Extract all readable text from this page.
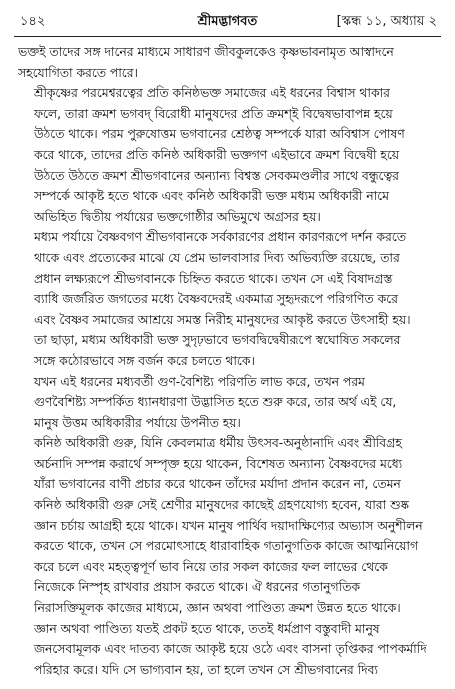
১৪২	শ্রীমদ্ভাগবত	[স্কন্ধ ১১, অধ্যায় ২
ভক্তই তাদের সঙ্গ দানের মাধ্যমে সাধারণ জীবকুলকেও কৃষ্ণভাবনামৃত আস্বাদনে
সহযোগিতা করতে পারে।
শ্রীকৃষ্ণের পরমেশ্বরত্বের প্রতি কনিষ্ঠভক্ত সমাজের এই ধরনের বিশ্বাস থাকার
ফলে, তারা ক্রমশ ভগবদ্ বিরোধী মানুষদের প্রতি ক্রমশ্ই বিদ্বেষভাবাপন্ন হয়ে
উঠতে থাকে। পরম পুরুষোত্তম ভগবানের শ্রেষ্ঠত্ব সম্পর্কে যারা অবিশ্বাস পোষণ
করে থাকে, তাদের প্রতি কনিষ্ঠ অধিকারী ভক্তগণ এইভাবে ক্রমশ বিদ্বেষী হয়ে
উঠতে উঠতে ক্রমশ শ্রীভগবানের অন্যান্য বিশ্বস্ত সেবকমণ্ডলীর সাথে বন্ধুত্বের
সম্পর্কে আকৃষ্ট হতে থাকে এবং কনিষ্ঠ অধিকারী ভক্ত মধ্যম অধিকারী নামে
অভিহিত দ্বিতীয় পর্যায়ের ভক্তগোষ্ঠীর অভিমুখে অগ্রসর হয়।
মধ্যম পর্যায়ে বৈষ্ণবগণ শ্রীভগবানকে সর্বকারণের প্রধান কারণরূপে দর্শন করতে
থাকে এবং প্রত্যেকের মাঝে যে প্রেম ভালবাসার দিব্য অভিব্যক্তি রয়েছে, তার
প্রধান লক্ষ্যরূপে শ্রীভগবানকে চিহ্নিত করতে থাকে। তখন সে এই বিষাদগ্রস্ত
ব্যাধি জর্জরিত জগতের মধ্যে বৈষ্ণবদেরই একমাত্র সুহৃদরূপে পরিগণিত করে
এবং বৈষ্ণব সমাজের আশ্রয়ে সমস্ত নিরীহ মানুষদের আকৃষ্ট করতে উৎসাহী হয়।
তা ছাড়া, মধ্যম অধিকারী ভক্ত সুদৃঢ়ভাবে ভগবদ্বিদ্বেষীরূপে স্বঘোষিত সকলের
সঙ্গে কঠোরভাবে সঙ্গ বর্জন করে চলতে থাকে।
যখন এই ধরনের মধ্যবর্তী গুণ-বৈশিষ্ট্য পরিণতি লাভ করে, তখন পরম
গুণবৈশিষ্ট্য সম্পর্কিত ধ্যানধারণা উদ্ভাসিত হতে শুরু করে, তার অর্থ এই যে,
মানুষ উত্তম অধিকারীর পর্যায়ে উপনীত হয়।
কনিষ্ঠ অধিকারী গুরু, যিনি কেবলমাত্র ধর্মীয় উৎসব-অনুষ্ঠানাদি এবং শ্রীবিগ্রহ
অর্চনাদি সম্পন্ন করার্থে সম্পৃক্ত হয়ে থাকেন, বিশেষত অন্যান্য বৈষ্ণবদের মধ্যে
যাঁরা ভগবানের বাণী প্রচার করে থাকেন তাঁদের মর্যাদা প্রদান করেন না, তেমন
কনিষ্ঠ অধিকারী গুরু সেই শ্রেণীর মানুষদের কাছেই গ্রহণযোগ্য হবেন, যারা শুষ্ক
জ্ঞান চর্চায় আগ্রহী হয়ে থাকে। যখন মানুষ পার্থিব দয়াদাক্ষিণ্যের অভ্যাস অনুশীলন
করতে থাকে, তখন সে পরমোৎসাহে ধারাবাহিক গতানুগতিক কাজে আত্মনিয়োগ
করে চলে এবং মহত্ত্বপূর্ণ ভাব নিয়ে তার সকল কাজের ফল লাভের থেকে
নিজেকে নিস্পৃহ রাখবার প্রয়াস করতে থাকে। ঐ ধরনের গতানুগতিক
নিরাসক্তিমূলক কাজের মাধ্যমে, জ্ঞান অথবা পাণ্ডিত্য ক্রমশ উন্নত হতে থাকে।
জ্ঞান অথবা পাণ্ডিত্য যতই প্রকট হতে থাকে, ততই ধর্মপ্রাণ বস্তুবাদী মানুষ
জনসেবামূলক এবং দাতব্য কাজে আকৃষ্ট হয়ে ওঠে এবং বাসনা তৃপ্তিকর পাপকর্মাদি
পরিহার করে। যদি সে ভাগ্যবান হয়, তা হলে তখন সে শ্রীভগবানের দিব্য
